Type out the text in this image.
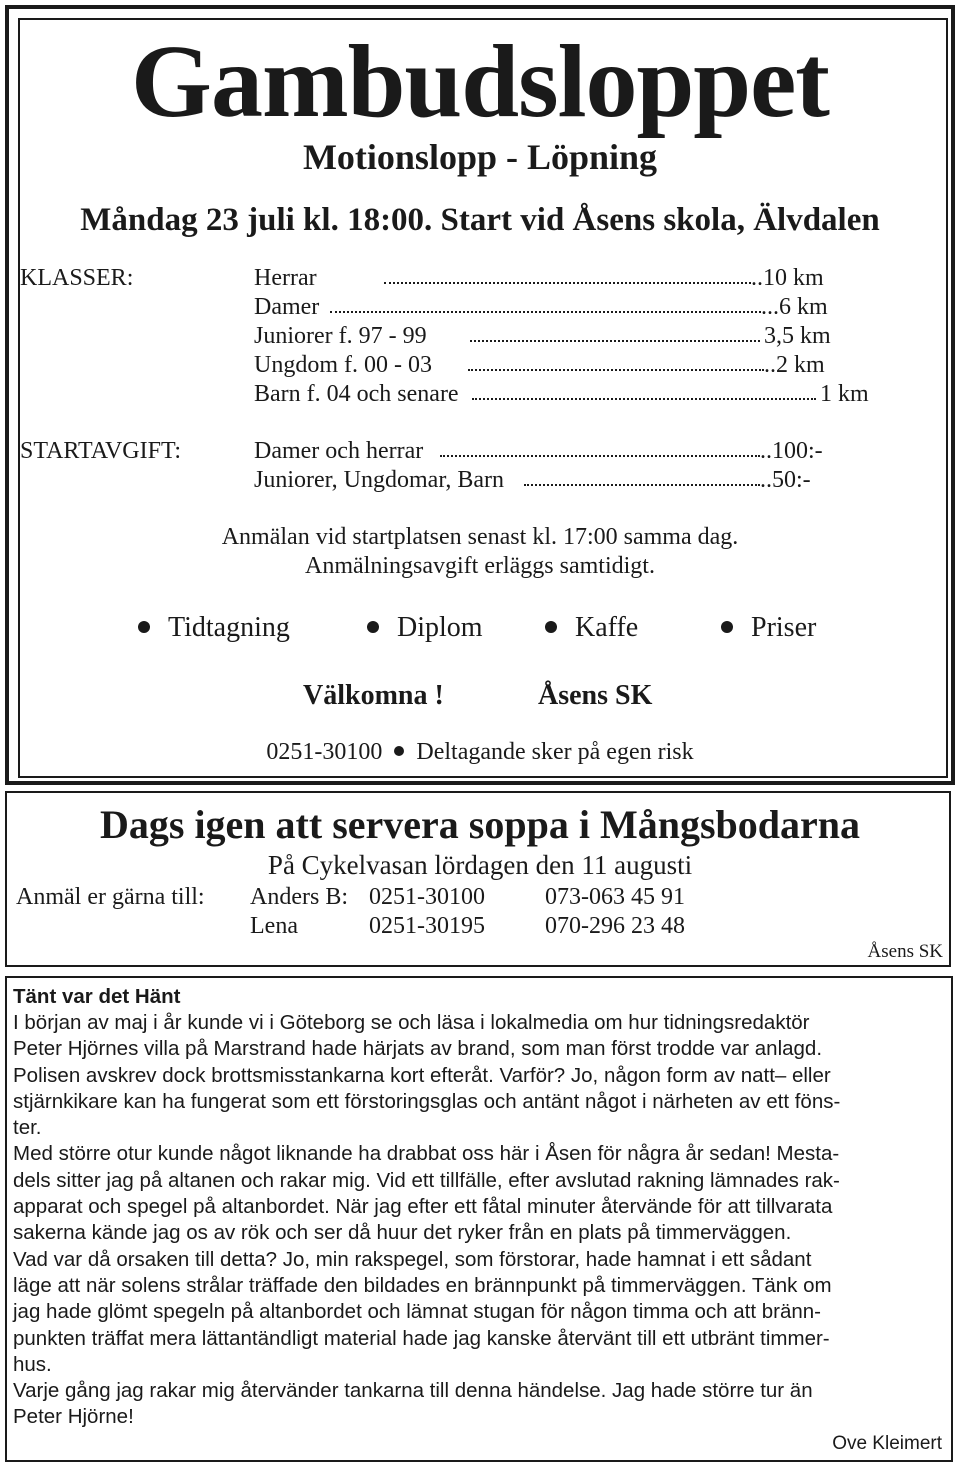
Gambudsloppet
Motionslopp - Löpning
Måndag 23 juli kl. 18:00. Start vid Åsens skola, Älvdalen
KLASSER:	Herrar	..10 km
Damer	...6 km
Juniorer f. 97 - 99	3,5 km
Ungdom f. 00 - 03	..2 km
Barn f. 04 och senare	1 km
STARTAVGIFT:	Damer och herrar	..100:-
Juniorer, Ungdomar, Barn	..50:-
Anmälan vid startplatsen senast kl. 17:00 samma dag.
Anmälningsavgift erläggs samtidigt.
Tidtagning	Diplom	Kaffe	Priser
Välkomna !	Åsens SK
0251-30100 Deltagande sker på egen risk
Dags igen att servera soppa i Mångsbodarna
På Cykelvasan lördagen den 11 augusti
Anmäl er gärna till: Anders B: 0251-30100	073-063 45 91
Lena	0251-30195	070-296 23 48
Åsens SK
Tänt var det Hänt
I början av maj i år kunde vi i Göteborg se och läsa i lokalmedia om hur tidningsredaktör
Peter Hjörnes villa på Marstrand hade härjats av brand, som man först trodde var anlagd.
Polisen avskrev dock brottsmisstankarna kort efteråt. Varför? Jo, någon form av natt– eller
stjärnkikare kan ha fungerat som ett förstoringsglas och antänt något i närheten av ett föns-
ter.
Med större otur kunde något liknande ha drabbat oss här i Åsen för några år sedan! Mesta-
dels sitter jag på altanen och rakar mig. Vid ett tillfälle, efter avslutad rakning lämnades rak-
apparat och spegel på altanbordet. När jag efter ett fåtal minuter återvände för att tillvarata
sakerna kände jag os av rök och ser då huur det ryker från en plats på timmerväggen.
Vad var då orsaken till detta? Jo, min rakspegel, som förstorar, hade hamnat i ett sådant
läge att när solens strålar träffade den bildades en brännpunkt på timmerväggen. Tänk om
jag hade glömt spegeln på altanbordet och lämnat stugan för någon timma och att bränn-
punkten träffat mera lättantändligt material hade jag kanske återvänt till ett utbränt timmer-
hus.
Varje gång jag rakar mig återvänder tankarna till denna händelse. Jag hade större tur än
Peter Hjörne!
Ove Kleimert
